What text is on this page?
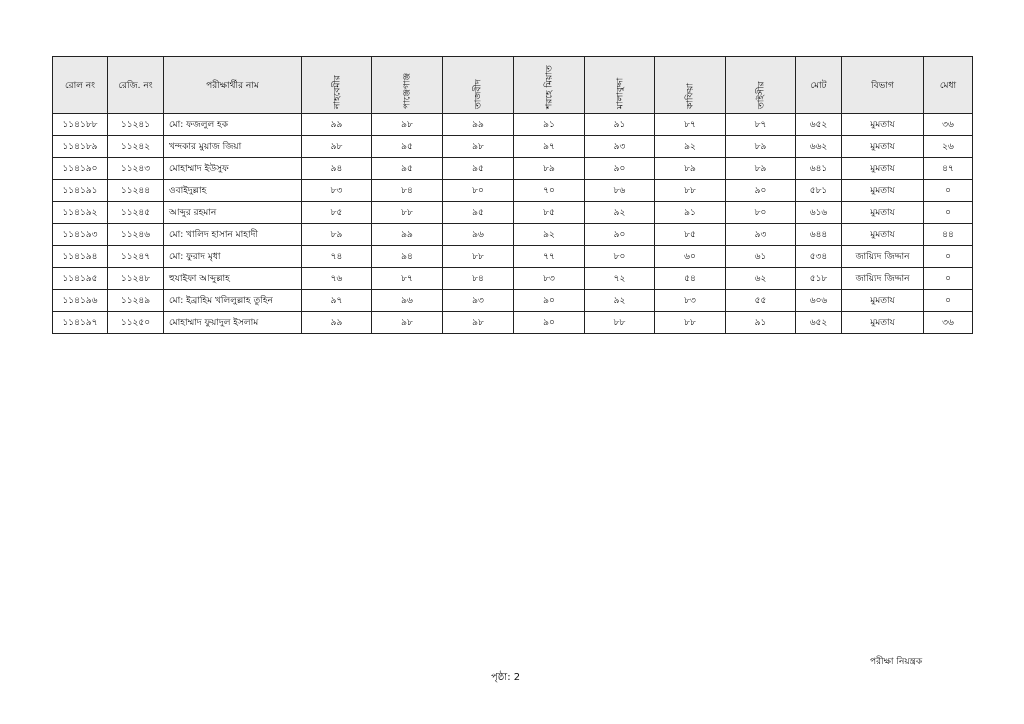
রোল নং	রেজি. নং	পরীক্ষার্থীর নাম	নাহবেমীর	পাঞ্জেগাঞ্জ	তাজবীদ	শরহে মিয়াত	মালাবুদ্দা	কাফিয়া	তাইসীর	মোট	বিভাগ	মেধা
১১৪১৮৮	১১২৪১	মো: ফজলুল হক	৯৯	৯৮	৯৯	৯১	৯১	৮৭	৮৭	৬৫২	মুমতায	৩৬
১১৪১৮৯	১১২৪২	খন্দকার মুয়াজ জিয়া	৯৮	৯৫	৯৮	৯৭	৯৩	৯২	৮৯	৬৬২	মুমতায	২৬
১১৪১৯০	১১২৪৩	মোহাম্মাদ ইউসুফ	৯৪	৯৫	৯৫	৮৯	৯০	৮৯	৮৯	৬৪১	মুমতায	৪৭
১১৪১৯১	১১২৪৪	ওবাইদুল্লাহ	৮৩	৮৪	৮০	৭০	৮৬	৮৮	৯০	৫৮১	মুমতায	০
১১৪১৯২	১১২৪৫	আব্দুর রহমান	৮৫	৮৮	৯৫	৮৫	৯২	৯১	৮০	৬১৬	মুমতায	০
১১৪১৯৩	১১২৪৬	মো: খালিদ হাসান মাহাদী	৮৯	৯৯	৯৬	৯২	৯০	৮৫	৯৩	৬৪৪	মুমতায	৪৪
১১৪১৯৪	১১২৪৭	মো: ফুরাদ মৃধা	৭৪	৯৪	৮৮	৭৭	৮০	৬০	৬১	৫৩৪	জায়্যিদ জিদ্দান	০
১১৪১৯৫	১১২৪৮	হুযাইফা আব্দুল্লাহ	৭৬	৮৭	৮৪	৮৩	৭২	৫৪	৬২	৫১৮	জায়্যিদ জিদ্দান	০
১১৪১৯৬	১১২৪৯	মো: ইব্রাহিম খলিলুল্লাহ তুহিন	৯৭	৯৬	৯৩	৯০	৯২	৮৩	৫৫	৬০৬	মুমতায	০
১১৪১৯৭	১১২৫০	মোহাম্মাদ ফুয়াদুল ইসলাম	৯৯	৯৮	৯৮	৯০	৮৮	৮৮	৯১	৬৫২	মুমতায	৩৬
পরীক্ষা নিয়ন্ত্রক
পৃষ্ঠা: 2
